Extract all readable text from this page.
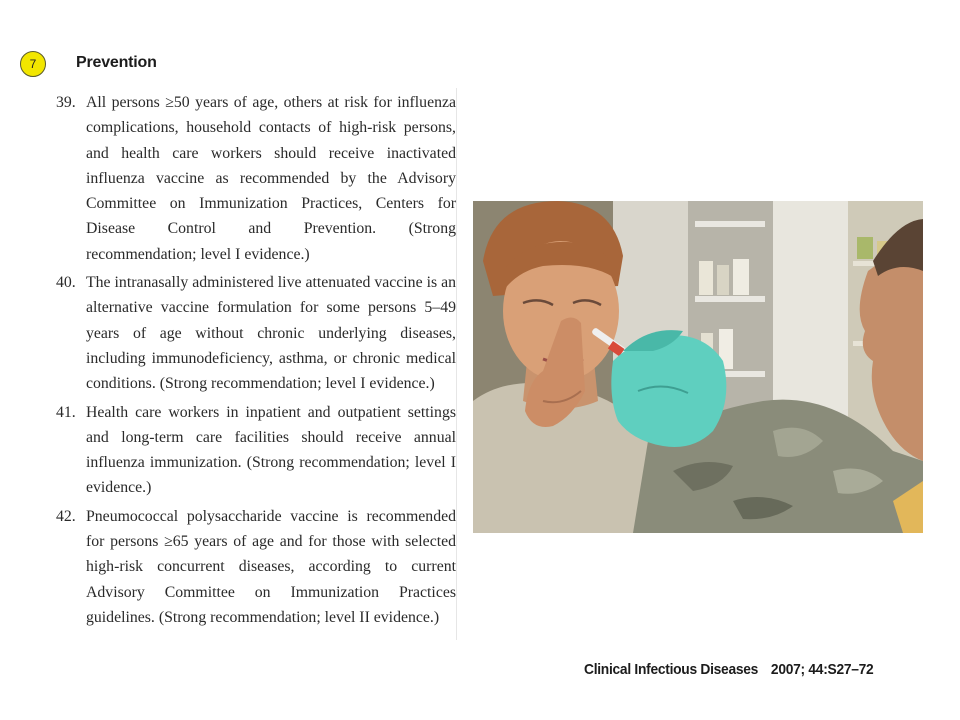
7 Prevention
39. All persons ≥50 years of age, others at risk for influenza complications, household contacts of high-risk persons, and health care workers should receive inactivated influenza vaccine as recommended by the Advisory Committee on Immunization Practices, Centers for Disease Control and Prevention. (Strong recommendation; level I evidence.)
40. The intranasally administered live attenuated vaccine is an alternative vaccine formulation for some persons 5–49 years of age without chronic underlying diseases, including immunodeficiency, asthma, or chronic medical conditions. (Strong recommendation; level I evidence.)
41. Health care workers in inpatient and outpatient settings and long-term care facilities should receive annual influenza immunization. (Strong recommendation; level I evidence.)
42. Pneumococcal polysaccharide vaccine is recommended for persons ≥65 years of age and for those with selected high-risk concurrent diseases, according to current Advisory Committee on Immunization Practices guidelines. (Strong recommendation; level II evidence.)
Clinical Infectious Diseases 2007; 44:S27–72
